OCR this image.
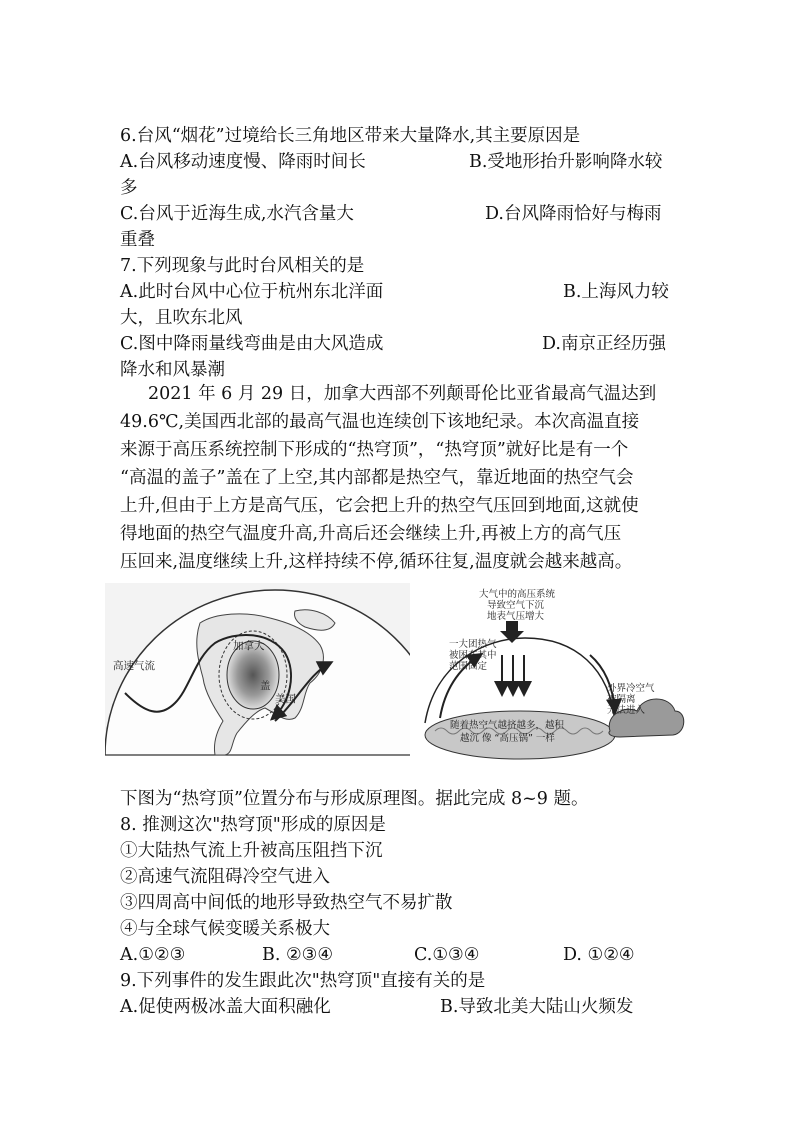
6.台风“烟花”过境给长三角地区带来大量降水,其主要原因是
A.台风移动速度慢、降雨时间长	B.受地形抬升影响降水较
多
C.台风于近海生成,水汽含量大	D.台风降雨恰好与梅雨
重叠
7.下列现象与此时台风相关的是
A.此时台风中心位于杭州东北洋面	B.上海风力较
大，且吹东北风
C.图中降雨量线弯曲是由大风造成	D.南京正经历强
降水和风暴潮
2021 年 6 月 29 日，加拿大西部不列颠哥伦比亚省最高气温达到
49.6℃,美国西北部的最高气温也连续创下该地纪录。本次高温直接
来源于高压系统控制下形成的“热穹顶”，“热穹顶”就好比是有一个
“高温的盖子”盖在了上空,其内部都是热空气，靠近地面的热空气会
上升,但由于上方是高气压，它会把上升的热空气压回到地面,这就使
得地面的热空气温度升高,升高后还会继续上升,再被上方的高气压
压回来,温度继续上升,这样持续不停,循环往复,温度就会越来越高。
高速气流
加拿大
盖
美国
大气中的高压系统
导致空气下沉
地表气压增大
一大团热气
被困在其中
范围固定
外界冷空气
被隔离
无法进入
随着热空气越挤越多，越积
越沉 像 “高压锅” 一样
下图为“热穹顶”位置分布与形成原理图。据此完成 8~9 题。
8. 推测这次"热穹顶"形成的原因是
①大陆热气流上升被高压阻挡下沉
②高速气流阻碍冷空气进入
③四周高中间低的地形导致热空气不易扩散
④与全球气候变暖关系极大
A.①②③	B. ②③④	C.①③④	D. ①②④
9.下列事件的发生跟此次"热穹顶"直接有关的是
A.促使两极冰盖大面积融化	B.导致北美大陆山火频发
